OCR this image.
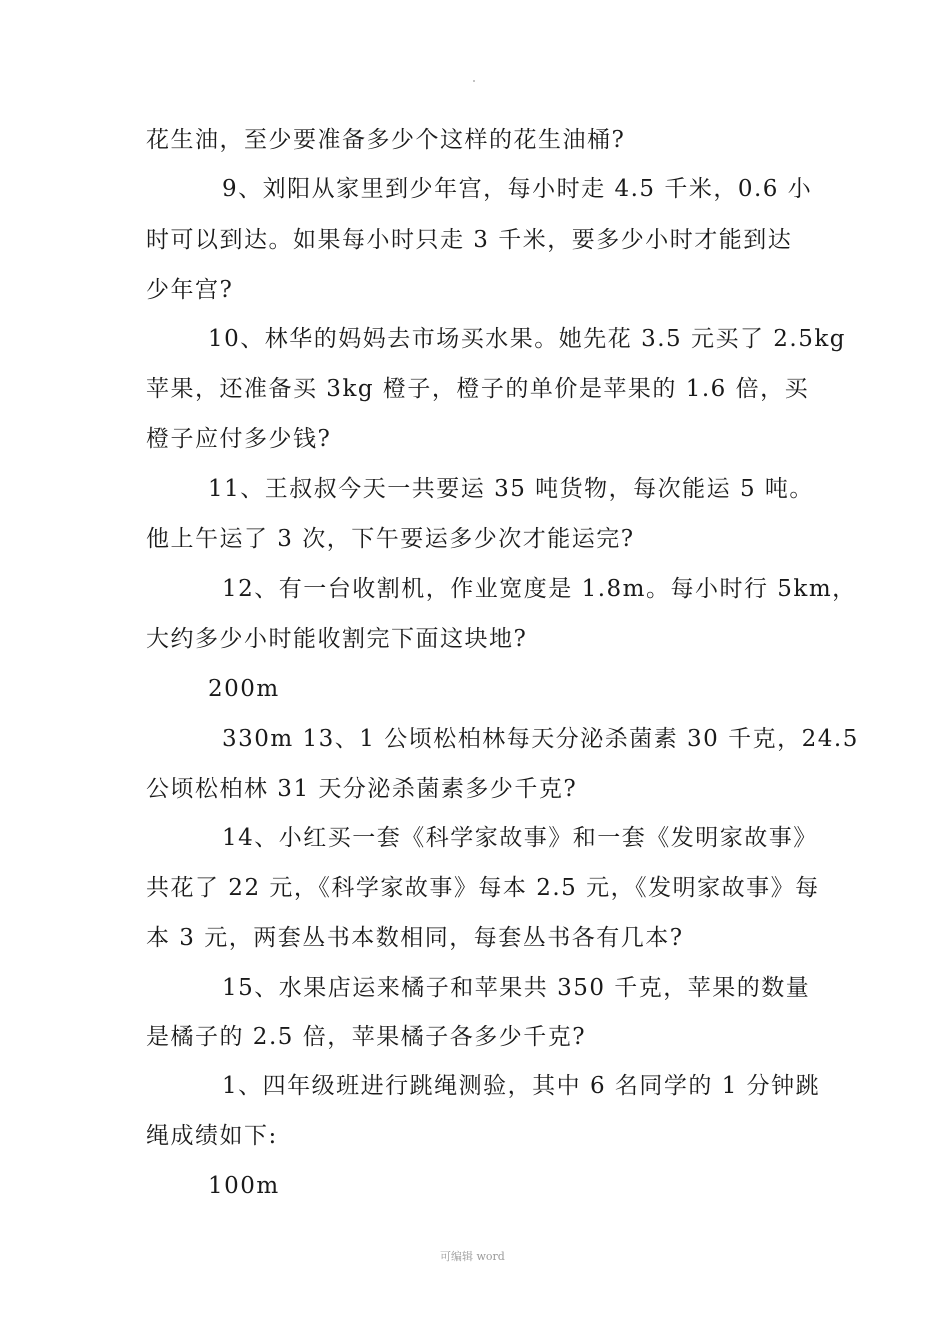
花生油，至少要准备多少个这样的花生油桶?
9、刘阳从家里到少年宫，每小时走 4.5 千米，0.6 小
时可以到达。如果每小时只走 3 千米，要多少小时才能到达
少年宫?
10、林华的妈妈去市场买水果。她先花 3.5 元买了 2.5kg
苹果，还准备买 3kg 橙子，橙子的单价是苹果的 1.6 倍，买
橙子应付多少钱?
11、王叔叔今天一共要运 35 吨货物，每次能运 5 吨。
他上午运了 3 次，下午要运多少次才能运完?
12、有一台收割机，作业宽度是 1.8m。每小时行 5km，
大约多少小时能收割完下面这块地?
200m
330m 13、1 公顷松柏林每天分泌杀菌素 30 千克，24.5
公顷松柏林 31 天分泌杀菌素多少千克?
14、小红买一套《科学家故事》和一套《发明家故事》
共花了 22 元，《科学家故事》每本 2.5 元，《发明家故事》每
本 3 元，两套丛书本数相同，每套丛书各有几本?
15、水果店运来橘子和苹果共 350 千克，苹果的数量
是橘子的 2.5 倍，苹果橘子各多少千克?
1、四年级班进行跳绳测验，其中 6 名同学的 1 分钟跳
绳成绩如下:
100m
可编辑 word
